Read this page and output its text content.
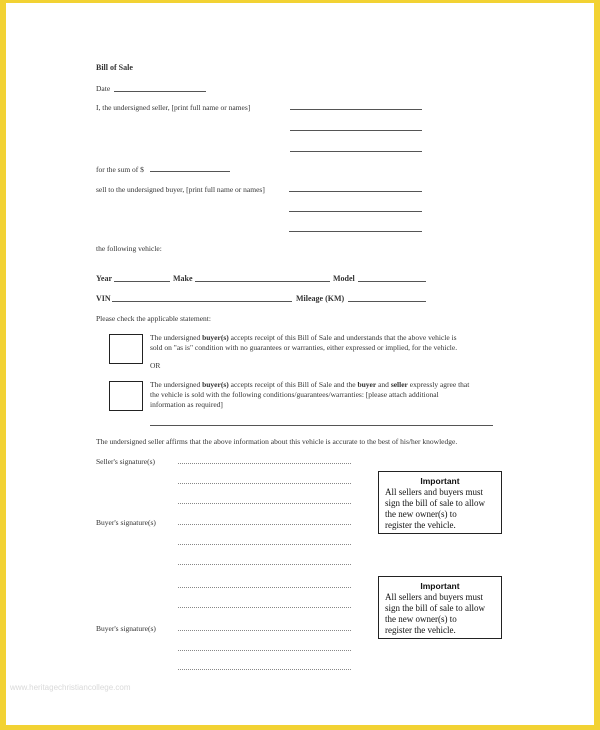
Bill of Sale
Date
I, the undersigned seller, [print full name or names]
for the sum of $
sell to the undersigned buyer, [print full name or names]
the following vehicle:
Year	Make	Model
VIN	Mileage (KM)
Please check the applicable statement:
The undersigned buyer(s) accepts receipt of this Bill of Sale and understands that the above vehicle is
sold on "as is" condition with no guarantees or warranties, either expressed or implied, for the vehicle.
OR
The undersigned buyer(s) accepts receipt of this Bill of Sale and the buyer and seller expressly agree that
the vehicle is sold with the following conditions/guarantees/warranties: [please attach additional
information as required]
The undersigned seller affirms that the above information about this vehicle is accurate to the best of his/her knowledge.
Seller's signature(s)
Buyer's signature(s)
Buyer's signature(s)
Important
All sellers and buyers must
sign the bill of sale to allow
the new owner(s) to
register the vehicle.
Important
All sellers and buyers must
sign the bill of sale to allow
the new owner(s) to
register the vehicle.
www.heritagechristiancollege.com
